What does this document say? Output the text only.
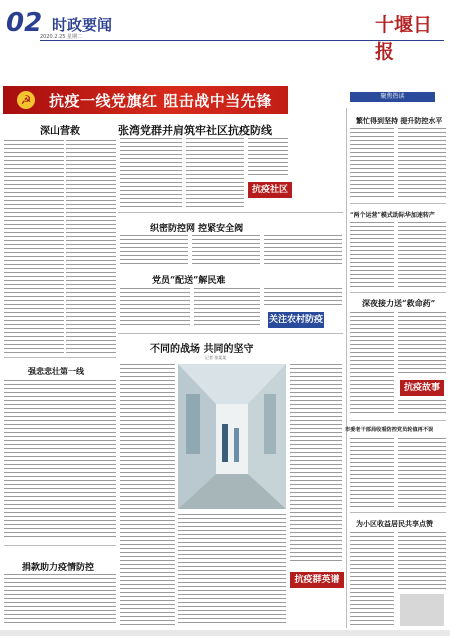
02 时政要闻
2020.2.25 星期二
十堰日报
☭ 抗疫一线党旗红 阻击战中当先锋	聚焦热读
深山营救
强悲悲壮第一线
捐款助力疫情防控
张湾党群并肩筑牢社区抗疫防线
抗疫社区行
织密防控网 控紧安全阀
党员“配送”解民难
关注农村防疫
不同的战场 共同的坚守
记者 张某某
抗疫群英谱
繁忙得到坚持 提升防控水平
“两个运营”模式助际华加速转产
深夜接力送“救命药”
抗疫故事
市委老干部局收看防控党员轮值再不误
为小区收益居民共享点赞
